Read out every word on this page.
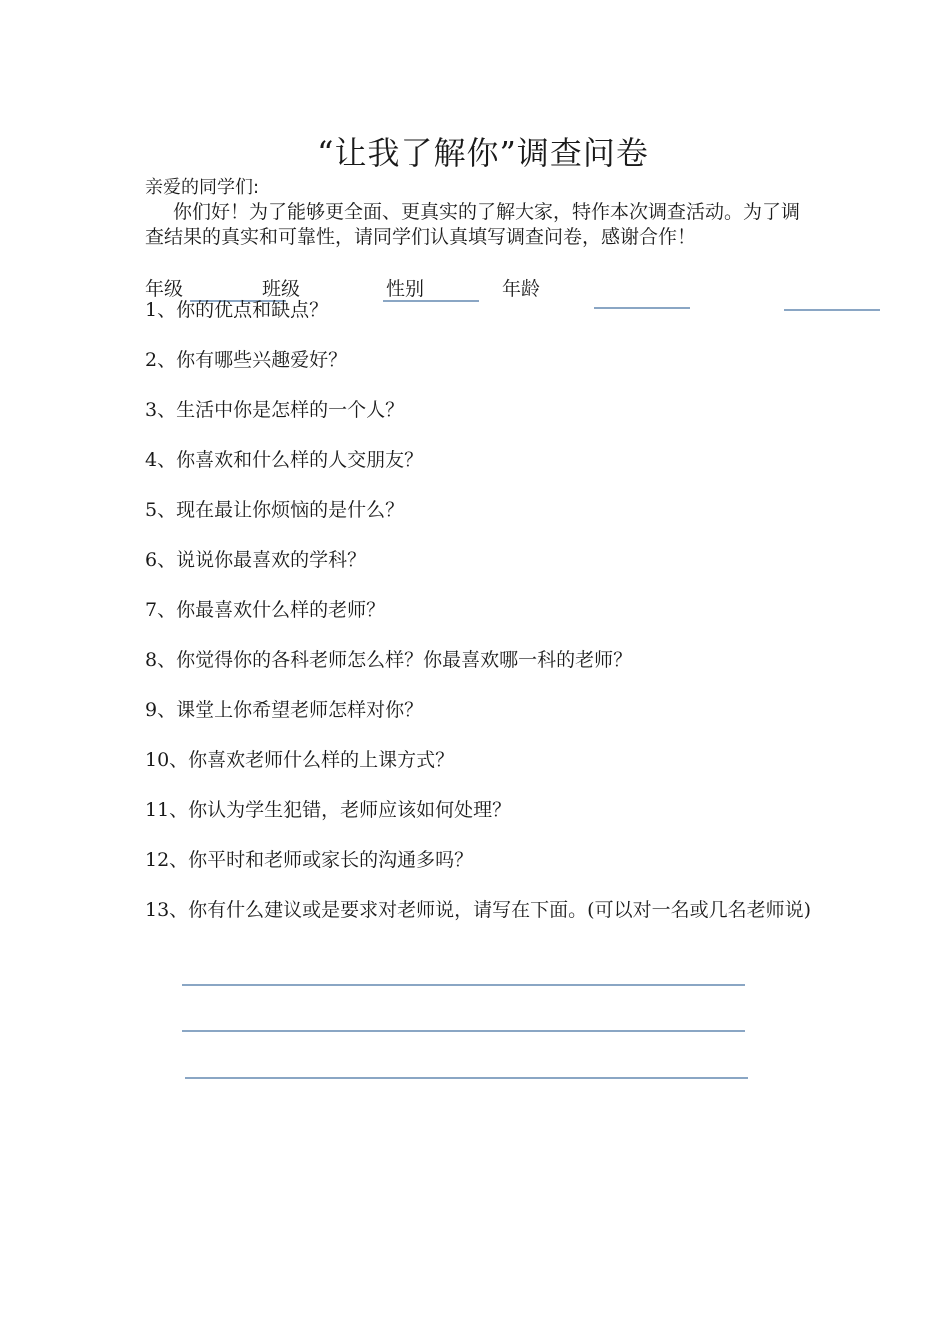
“让我了解你”调查问卷
亲爱的同学们:
你们好！为了能够更全面、更真实的了解大家，特作本次调查活动。为了调查结果的真实和可靠性，请同学们认真填写调查问卷，感谢合作！
年级	班级	性别	年龄
1、你的优点和缺点？
2、你有哪些兴趣爱好？
3、生活中你是怎样的一个人？
4、你喜欢和什么样的人交朋友？
5、现在最让你烦恼的是什么？
6、说说你最喜欢的学科？
7、你最喜欢什么样的老师？
8、你觉得你的各科老师怎么样？你最喜欢哪一科的老师？
9、课堂上你希望老师怎样对你？
10、你喜欢老师什么样的上课方式？
11、你认为学生犯错，老师应该如何处理？
12、你平时和老师或家长的沟通多吗？
13、你有什么建议或是要求对老师说，请写在下面。(可以对一名或几名老师说)
